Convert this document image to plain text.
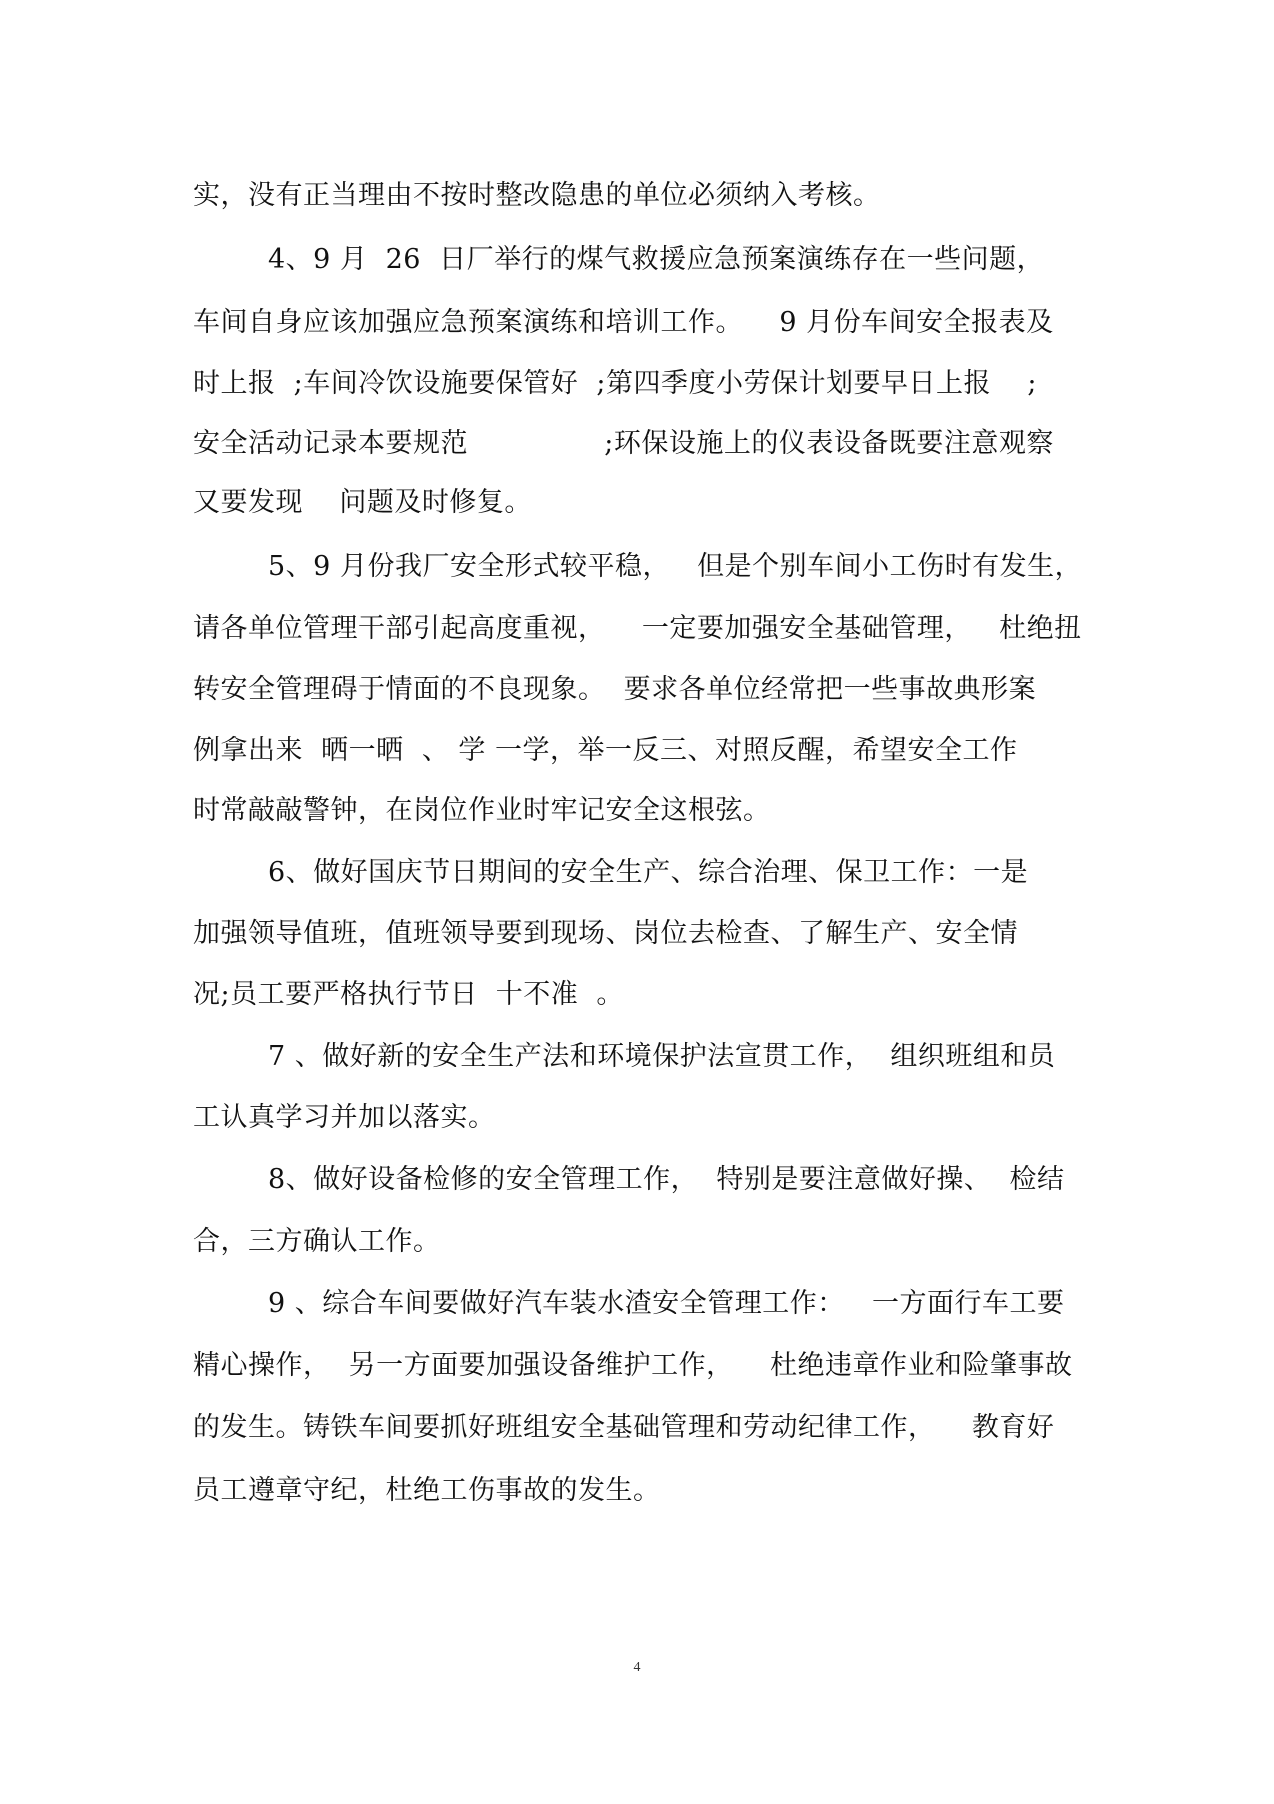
实，没有正当理由不按时整改隐患的单位必须纳入考核。
4、9 月  26  日厂举行的煤气救援应急预案演练存在一些问题，
车间自身应该加强应急预案演练和培训工作。    9 月份车间安全报表及
时上报  ;车间冷饮设施要保管好  ;第四季度小劳保计划要早日上报    ;
安全活动记录本要规范               ;环保设施上的仪表设备既要注意观察
又要发现    问题及时修复。
5、9 月份我厂安全形式较平稳，   但是个别车间小工伤时有发生，
请各单位管理干部引起高度重视，    一定要加强安全基础管理，   杜绝扭
转安全管理碍于情面的不良现象。  要求各单位经常把一些事故典形案
例拿出来  晒一晒  、 学 一学，举一反三、对照反醒，希望安全工作
时常敲敲警钟，在岗位作业时牢记安全这根弦。
6、做好国庆节日期间的安全生产、综合治理、保卫工作：一是
加强领导值班，值班领导要到现场、岗位去检查、了解生产、安全情
况;员工要严格执行节日  十不准  。
7 、做好新的安全生产法和环境保护法宣贯工作，  组织班组和员
工认真学习并加以落实。
8、做好设备检修的安全管理工作，  特别是要注意做好操、  检结
合，三方确认工作。
9 、综合车间要做好汽车装水渣安全管理工作：   一方面行车工要
精心操作，  另一方面要加强设备维护工作，    杜绝违章作业和险肇事故
的发生。铸铁车间要抓好班组安全基础管理和劳动纪律工作，    教育好
员工遵章守纪，杜绝工伤事故的发生。
4
